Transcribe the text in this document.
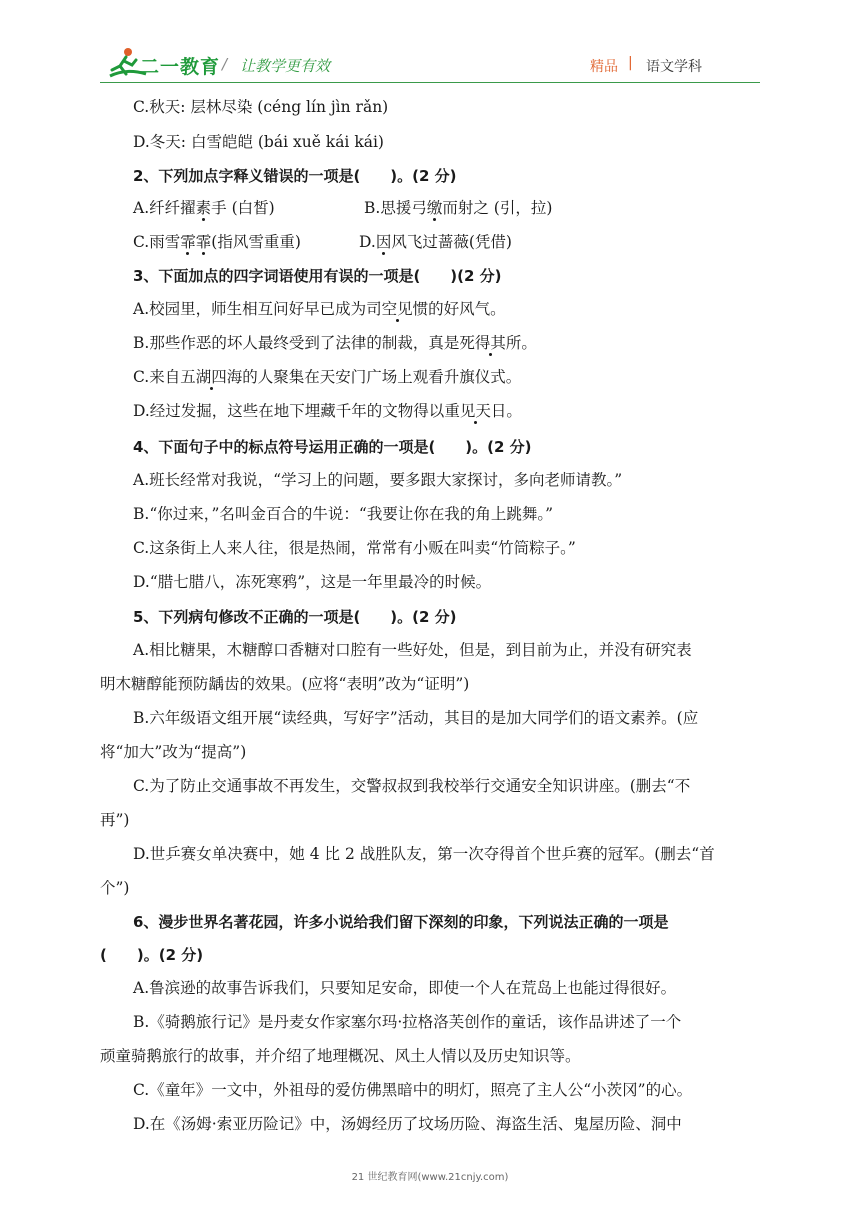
二一教育 / 让教学更有效	精品 | 语文学科
C.秋天: 层林尽染 (céng lín jìn rǎn)
D.冬天: 白雪皑皑 (bái xuě kái kái)
2、下列加点字释义错误的一项是(　　)。(2 分)
A.纤纤擢素手 (白皙)	B.思援弓缴而射之 (引，拉)
C.雨雪霏霏(指风雪重重)	D.因风飞过蔷薇(凭借)
3、下面加点的四字词语使用有误的一项是(　　)(2 分)
A.校园里，师生相互问好早已成为司空见惯的好风气。
B.那些作恶的坏人最终受到了法律的制裁，真是死得其所。
C.来自五湖四海的人聚集在天安门广场上观看升旗仪式。
D.经过发掘，这些在地下埋藏千年的文物得以重见天日。
4、下面句子中的标点符号运用正确的一项是(　　)。(2 分)
A.班长经常对我说，“学习上的问题，要多跟大家探讨，多向老师请教。”
B.“你过来，”名叫金百合的牛说：“我要让你在我的角上跳舞。”
C.这条街上人来人往，很是热闹，常常有小贩在叫卖“竹筒粽子。”
D.“腊七腊八，冻死寒鸦”，这是一年里最冷的时候。
5、下列病句修改不正确的一项是(　　)。(2 分)
A.相比糖果，木糖醇口香糖对口腔有一些好处，但是，到目前为止，并没有研究表
明木糖醇能预防龋齿的效果。(应将“表明”改为“证明”)
B.六年级语文组开展“读经典，写好字”活动，其目的是加大同学们的语文素养。(应
将“加大”改为“提高”)
C.为了防止交通事故不再发生，交警叔叔到我校举行交通安全知识讲座。(删去“不
再”)
D.世乒赛女单决赛中，她 4 比 2 战胜队友，第一次夺得首个世乒赛的冠军。(删去“首
个”)
6、漫步世界名著花园，许多小说给我们留下深刻的印象，下列说法正确的一项是
(　　)。(2 分)
A.鲁滨逊的故事告诉我们，只要知足安命，即使一个人在荒岛上也能过得很好。
B.《骑鹅旅行记》是丹麦女作家塞尔玛·拉格洛芙创作的童话，该作品讲述了一个
顽童骑鹅旅行的故事，并介绍了地理概况、风土人情以及历史知识等。
C.《童年》一文中，外祖母的爱仿佛黑暗中的明灯，照亮了主人公“小茨冈”的心。
D.在《汤姆·索亚历险记》中，汤姆经历了坟场历险、海盗生活、鬼屋历险、洞中
21 世纪教育网(www.21cnjy.com)
